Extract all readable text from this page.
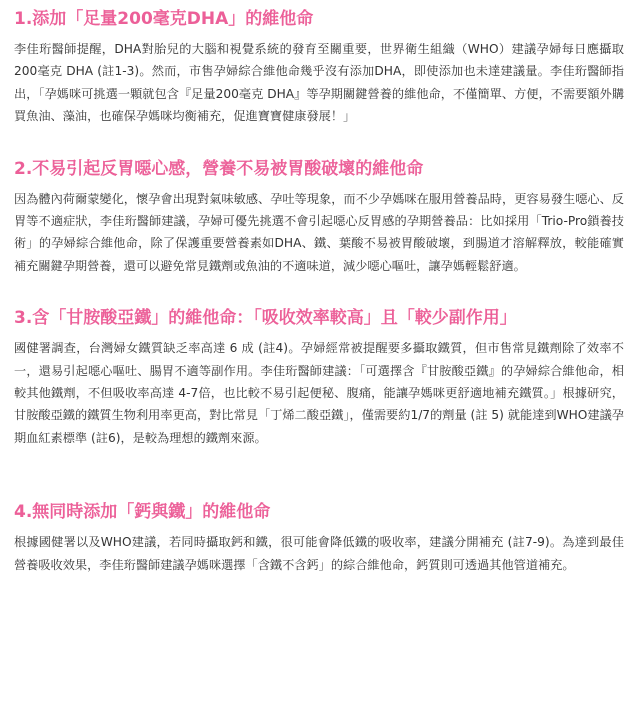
1.添加「足量200毫克DHA」的維他命

李佳珩醫師提醒，DHA對胎兒的大腦和視覺系統的發育至關重要，世界衛生組織（WHO）建議孕婦每日應攝取200毫克 DHA (註1-3)。然而，市售孕婦綜合維他命幾乎沒有添加DHA，即使添加也未達建議量。李佳珩醫師指出，「孕媽咪可挑選一顆就包含『足量200毫克 DHA』等孕期關鍵營養的維他命，不僅簡單、方便，不需要額外購買魚油、藻油，也確保孕媽咪均衡補充，促進寶寶健康發展！」

2.不易引起反胃噁心感，營養不易被胃酸破壞的維他命

因為體內荷爾蒙變化，懷孕會出現對氣味敏感、孕吐等現象，而不少孕媽咪在服用營養品時，更容易發生噁心、反胃等不適症狀，李佳珩醫師建議，孕婦可優先挑選不會引起噁心反胃感的孕期營養品：比如採用「Trio-Pro鎖養技術」的孕婦綜合維他命，除了保護重要營養素如DHA、鐵、葉酸不易被胃酸破壞，到腸道才溶解釋放，較能確實補充關鍵孕期營養，還可以避免常見鐵劑或魚油的不適味道，減少噁心嘔吐，讓孕媽輕鬆舒適。

3.含「甘胺酸亞鐵」的維他命：「吸收效率較高」且「較少副作用」

國健署調查，台灣婦女鐵質缺乏率高達 6 成 (註4)。孕婦經常被提醒要多攝取鐵質，但市售常見鐵劑除了效率不一，還易引起噁心嘔吐、腸胃不適等副作用。李佳珩醫師建議：「可選擇含『甘胺酸亞鐵』的孕婦綜合維他命，相較其他鐵劑，不但吸收率高達 4-7倍，也比較不易引起便秘、腹痛，能讓孕媽咪更舒適地補充鐵質。」根據研究，甘胺酸亞鐵的鐵質生物利用率更高，對比常見「丁烯二酸亞鐵」，僅需要約1/7的劑量 (註 5) 就能達到WHO建議孕期血紅素標準 (註6)，是較為理想的鐵劑來源。

4.無同時添加「鈣與鐵」的維他命

根據國健署以及WHO建議，若同時攝取鈣和鐵，很可能會降低鐵的吸收率，建議分開補充 (註7-9)。為達到最佳營養吸收效果，李佳珩醫師建議孕媽咪選擇「含鐵不含鈣」的綜合維他命，鈣質則可透過其他管道補充。
